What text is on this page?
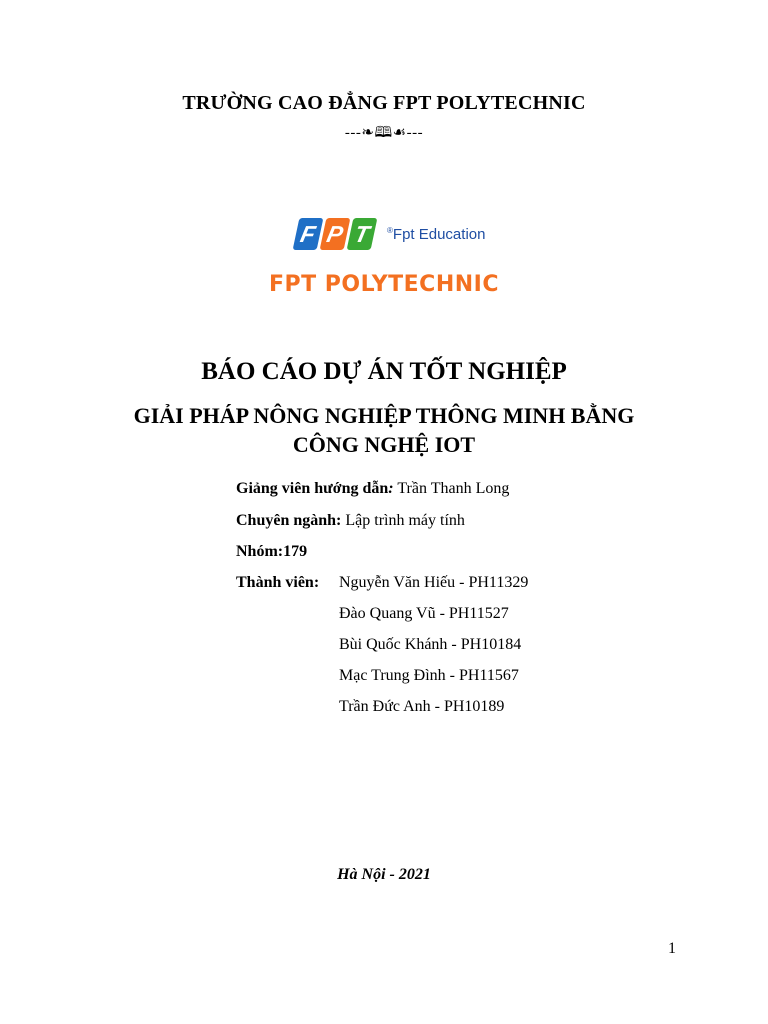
TRƯỜNG CAO ĐẲNG FPT POLYTECHNIC
---❧🕮☙---
F P T ®Fpt Education
FPT POLYTECHNIC
BÁO CÁO DỰ ÁN TỐT NGHIỆP
GIẢI PHÁP NÔNG NGHIỆP THÔNG MINH BẰNG
CÔNG NGHỆ IOT
Giảng viên hướng dẫn: Trần Thanh Long
Chuyên ngành: Lập trình máy tính
Nhóm:179
Thành viên: Nguyễn Văn Hiếu - PH11329
Đào Quang Vũ - PH11527
Bùi Quốc Khánh - PH10184
Mạc Trung Đình - PH11567
Trần Đức Anh - PH10189
Hà Nội - 2021
1
